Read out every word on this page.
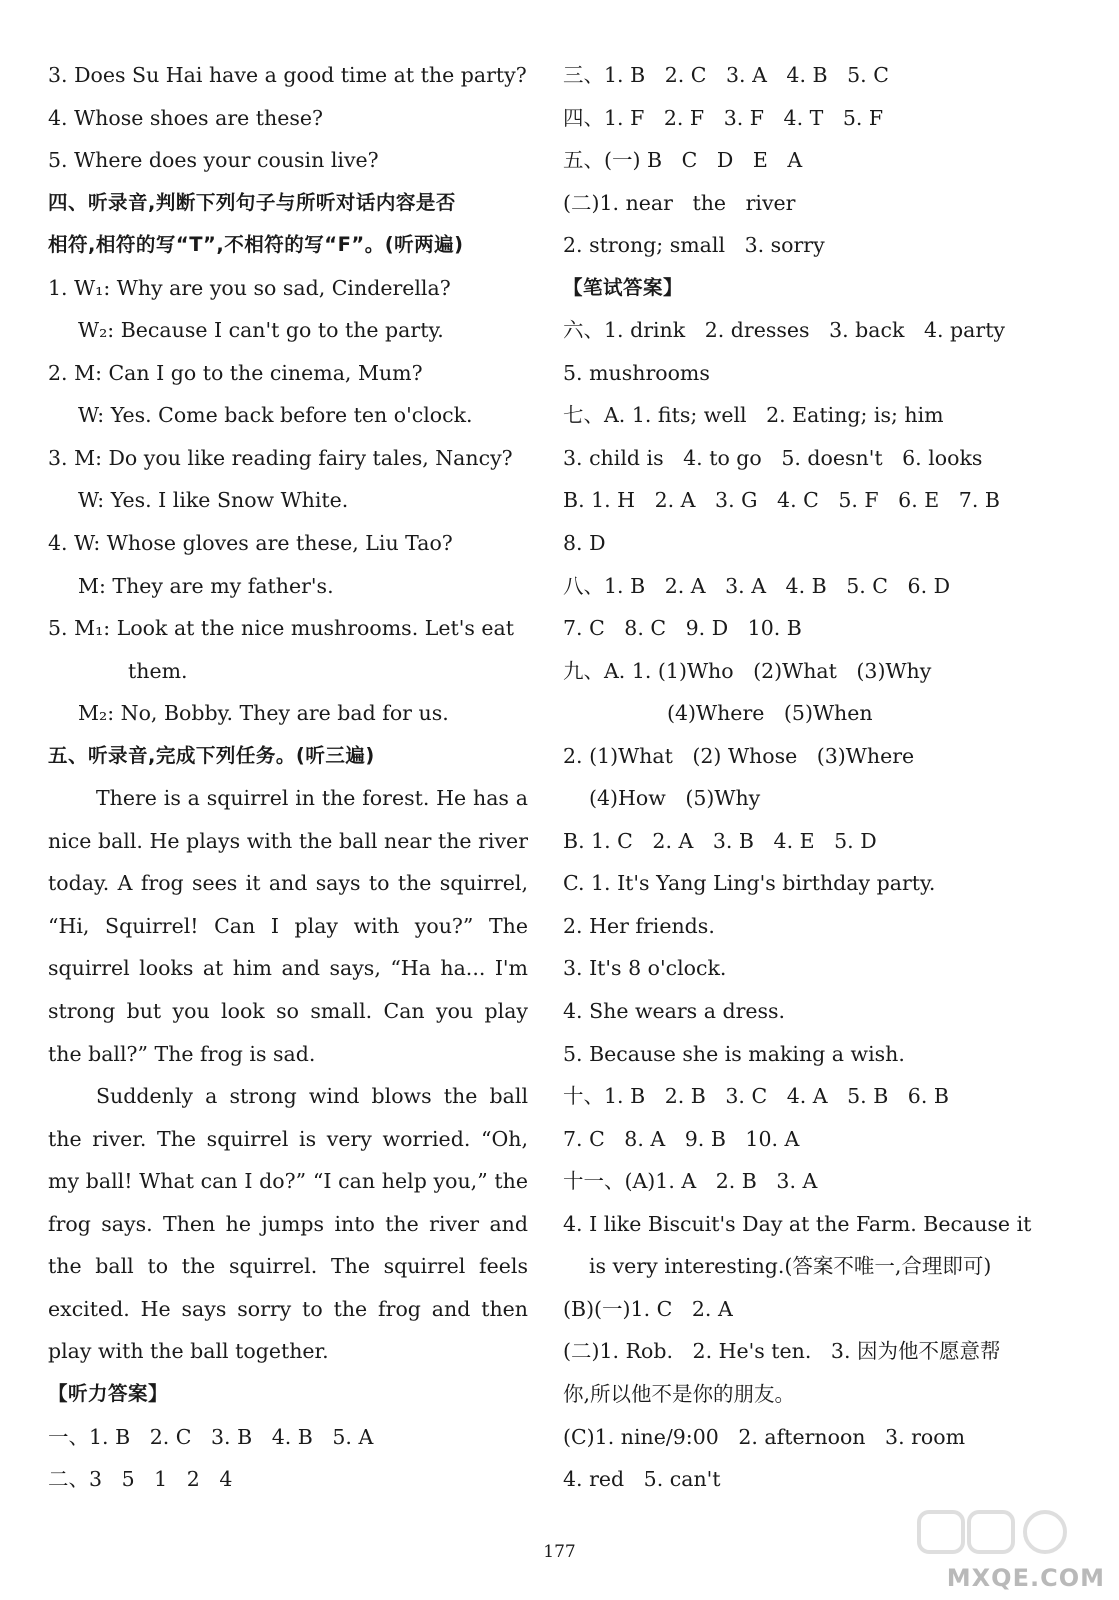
3. Does Su Hai have a good time at the party?
4. Whose shoes are these?
5. Where does your cousin live?
四、听录音,判断下列句子与所听对话内容是否
相符,相符的写“T”,不相符的写“F”。(听两遍)
1. W₁: Why are you so sad, Cinderella?
W₂: Because I can't go to the party.
2. M: Can I go to the cinema, Mum?
W: Yes. Come back before ten o'clock.
3. M: Do you like reading fairy tales, Nancy?
W: Yes. I like Snow White.
4. W: Whose gloves are these, Liu Tao?
M: They are my father's.
5. M₁: Look at the nice mushrooms. Let's eat
them.
M₂: No, Bobby. They are bad for us.
五、听录音,完成下列任务。(听三遍)
There is a squirrel in the forest. He has a
nice ball. He plays with the ball near the river
today. A frog sees it and says to the squirrel,
“Hi, Squirrel! Can I play with you?” The
squirrel looks at him and says, “Ha ha... I'm
strong but you look so small. Can you play
the ball?” The frog is sad.
Suddenly a strong wind blows the ball
the river. The squirrel is very worried. “Oh,
my ball! What can I do?” “I can help you,” the
frog says. Then he jumps into the river and
the ball to the squirrel. The squirrel feels
excited. He says sorry to the frog and then
play with the ball together.
【听力答案】
一、1. B   2. C   3. B   4. B   5. A
二、3   5   1   2   4
三、1. B   2. C   3. A   4. B   5. C
四、1. F   2. F   3. F   4. T   5. F
五、(一) B   C   D   E   A
(二)1. near   the   river
2. strong; small   3. sorry
【笔试答案】
六、1. drink   2. dresses   3. back   4. party
5. mushrooms
七、A. 1. fits; well   2. Eating; is; him
3. child is   4. to go   5. doesn't   6. looks
B. 1. H   2. A   3. G   4. C   5. F   6. E   7. B
8. D
八、1. B   2. A   3. A   4. B   5. C   6. D
7. C   8. C   9. D   10. B
九、A. 1. (1)Who   (2)What   (3)Why
(4)Where   (5)When
2. (1)What   (2) Whose   (3)Where
(4)How   (5)Why
B. 1. C   2. A   3. B   4. E   5. D
C. 1. It's Yang Ling's birthday party.
2. Her friends.
3. It's 8 o'clock.
4. She wears a dress.
5. Because she is making a wish.
十、1. B   2. B   3. C   4. A   5. B   6. B
7. C   8. A   9. B   10. A
十一、(A)1. A   2. B   3. A
4. I like Biscuit's Day at the Farm. Because it
is very interesting.(答案不唯一,合理即可)
(B)(一)1. C   2. A
(二)1. Rob.   2. He's ten.   3. 因为他不愿意帮
你,所以他不是你的朋友。
(C)1. nine/9:00   2. afternoon   3. room
4. red   5. can't
177
MXQE.COM
